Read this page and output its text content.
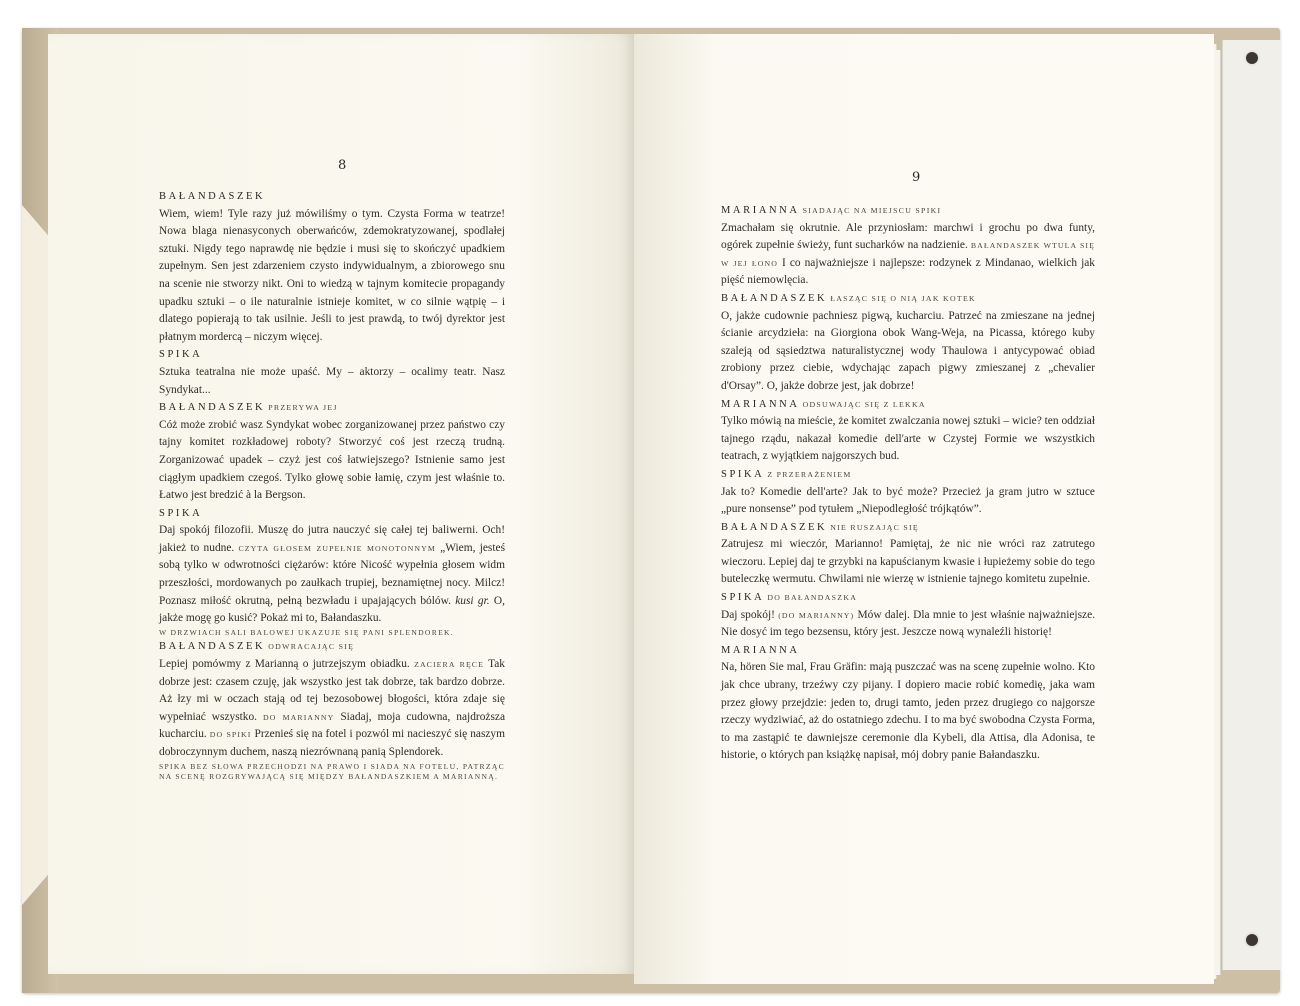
8

BAŁANDASZEK

Wiem, wiem! Tyle razy już mówiliśmy o tym. Czysta Forma w teatrze! Nowa blaga nienasyconych oberwańców, zdemokratyzowanej, spodlałej sztuki. Nigdy tego naprawdę nie będzie i musi się to skończyć upadkiem zupełnym. Sen jest zdarzeniem czysto indywidualnym, a zbiorowego snu na scenie nie stworzy nikt. Oni to wiedzą w tajnym komitecie propagandy upadku sztuki – o ile naturalnie istnieje komitet, w co silnie wątpię – i dlatego popierają to tak usilnie. Jeśli to jest prawdą, to twój dyrektor jest płatnym mordercą – niczym więcej.

SPIKA

Sztuka teatralna nie może upaść. My – aktorzy – ocalimy teatr. Nasz Syndykat...

BAŁANDASZEK PRZERYWA JEJ

Cóż może zrobić wasz Syndykat wobec zorganizowanej przez państwo czy tajny komitet rozkładowej roboty? Stworzyć coś jest rzeczą trudną. Zorganizować upadek – czyż jest coś łatwiejszego? Istnienie samo jest ciągłym upadkiem czegoś. Tylko głowę sobie łamię, czym jest właśnie to. Łatwo jest bredzić à la Bergson.

SPIKA

Daj spokój filozofii. Muszę do jutra nauczyć się całej tej baliwerni. Och! jakież to nudne. CZYTA GŁOSEM ZUPEŁNIE MONOTONNYM „Wiem, jesteś sobą tylko w odwrotności ciężarów: które Nicość wypełnia głosem widm przeszłości, mordowanych po zaułkach trupiej, beznamiętnej nocy. Milcz! Poznasz miłość okrutną, pełną bezwładu i upajających bólów. kusi gr. O, jakże mogę go kusić? Pokaż mi to, Bałandaszku.

W DRZWIACH SALI BALOWEJ UKAZUJE SIĘ PANI SPLENDOREK.

BAŁANDASZEK ODWRACAJĄC SIĘ

Lepiej pomówmy z Marianną o jutrzejszym obiadku. ZACIERA RĘCE Tak dobrze jest: czasem czuję, jak wszystko jest tak dobrze, tak bardzo dobrze. Aż łzy mi w oczach stają od tej bezosobowej błogości, która zdaje się wypełniać wszystko. DO MARIANNY Siadaj, moja cudowna, najdroższa kucharciu. DO SPIKI Przenieś się na fotel i pozwól mi nacieszyć się naszym dobroczynnym duchem, naszą niezrównaną panią Splendorek.

SPIKA BEZ SŁOWA PRZECHODZI NA PRAWO I SIADA NA FOTELU, PATRZĄC NA SCENĘ ROZGRYWAJĄCĄ SIĘ MIĘDZY BAŁANDASZKIEM A MARIANNĄ.

9

MARIANNA SIADAJĄC NA MIEJSCU SPIKI

Zmachałam się okrutnie. Ale przyniosłam: marchwi i grochu po dwa funty, ogórek zupełnie świeży, funt sucharków na nadzienie. BAŁANDASZEK WTULA SIĘ W JEJ ŁONO I co najważniejsze i najlepsze: rodzynek z Mindanao, wielkich jak pięść niemowlęcia.

BAŁANDASZEK ŁASZĄC SIĘ O NIĄ JAK KOTEK

O, jakże cudownie pachniesz pigwą, kucharciu. Patrzeć na zmieszane na jednej ścianie arcydzieła: na Giorgiona obok Wang-Weja, na Picassa, którego kuby szaleją od sąsiedztwa naturalistycznej wody Thaulowa i antycypować obiad zrobiony przez ciebie, wdychając zapach pigwy zmieszanej z „chevalier d'Orsay”. O, jakże dobrze jest, jak dobrze!

MARIANNA ODSUWAJĄC SIĘ Z LEKKA

Tylko mówią na mieście, że komitet zwalczania nowej sztuki – wicie? ten oddział tajnego rządu, nakazał komedie dell'arte w Czystej Formie we wszystkich teatrach, z wyjątkiem najgorszych bud.

SPIKA Z PRZERAŻENIEM

Jak to? Komedie dell'arte? Jak to być może? Przecież ja gram jutro w sztuce „pure nonsense” pod tytułem „Niepodległość trójkątów”.

BAŁANDASZEK NIE RUSZAJĄC SIĘ

Zatrujesz mi wieczór, Marianno! Pamiętaj, że nic nie wróci raz zatrutego wieczoru. Lepiej daj te grzybki na kapuścianym kwasie i łupieżemy sobie do tego buteleczkę wermutu. Chwilami nie wierzę w istnienie tajnego komitetu zupełnie.

SPIKA DO BAŁANDASZKA

Daj spokój! (DO MARIANNY) Mów dalej. Dla mnie to jest właśnie najważniejsze. Nie dosyć im tego bezsensu, który jest. Jeszcze nową wynaleźli historię!

MARIANNA

Na, hören Sie mal, Frau Gräfin: mają puszczać was na scenę zupełnie wolno. Kto jak chce ubrany, trzeźwy czy pijany. I dopiero macie robić komedię, jaka wam przez głowy przejdzie: jeden to, drugi tamto, jeden przez drugiego co najgorsze rzeczy wydziwiać, aż do ostatniego zdechu. I to ma być swobodna Czysta Forma, to ma zastąpić te dawniejsze ceremonie dla Kybeli, dla Attisa, dla Adonisa, te historie, o których pan książkę napisał, mój dobry panie Bałandaszku.
